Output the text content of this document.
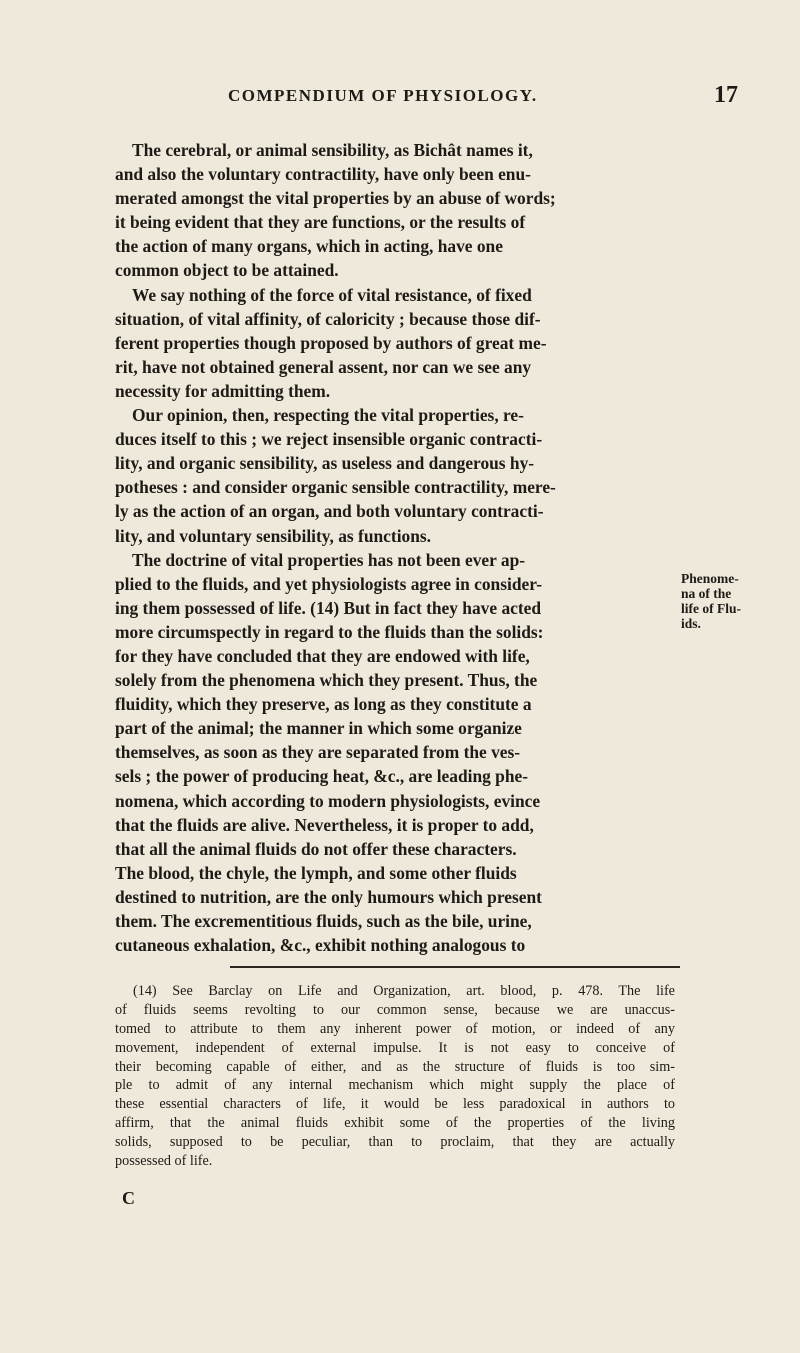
COMPENDIUM OF PHYSIOLOGY.	17
The cerebral, or animal sensibility, as Bichât names it,
and also the voluntary contractility, have only been enu-
merated amongst the vital properties by an abuse of words;
it being evident that they are functions, or the results of
the action of many organs, which in acting, have one
common object to be attained.
We say nothing of the force of vital resistance, of fixed
situation, of vital affinity, of caloricity ; because those dif-
ferent properties though proposed by authors of great me-
rit, have not obtained general assent, nor can we see any
necessity for admitting them.
Our opinion, then, respecting the vital properties, re-
duces itself to this ; we reject insensible organic contracti-
lity, and organic sensibility, as useless and dangerous hy-
potheses : and consider organic sensible contractility, mere-
ly as the action of an organ, and both voluntary contracti-
lity, and voluntary sensibility, as functions.
The doctrine of vital properties has not been ever ap-
plied to the fluids, and yet physiologists agree in consider-
ing them possessed of life. (14) But in fact they have acted
more circumspectly in regard to the fluids than the solids:
for they have concluded that they are endowed with life,
solely from the phenomena which they present. Thus, the
fluidity, which they preserve, as long as they constitute a
part of the animal; the manner in which some organize
themselves, as soon as they are separated from the ves-
sels ; the power of producing heat, &c., are leading phe-
nomena, which according to modern physiologists, evince
that the fluids are alive. Nevertheless, it is proper to add,
that all the animal fluids do not offer these characters.
The blood, the chyle, the lymph, and some other fluids
destined to nutrition, are the only humours which present
them. The excrementitious fluids, such as the bile, urine,
cutaneous exhalation, &c., exhibit nothing analogous to
Phenome-
na of the
life of Flu-
ids.
(14) See Barclay on Life and Organization, art. blood, p. 478. The life
of fluids seems revolting to our common sense, because we are unaccus-
tomed to attribute to them any inherent power of motion, or indeed of any
movement, independent of external impulse. It is not easy to conceive of
their becoming capable of either, and as the structure of fluids is too sim-
ple to admit of any internal mechanism which might supply the place of
these essential characters of life, it would be less paradoxical in authors to
affirm, that the animal fluids exhibit some of the properties of the living
solids, supposed to be peculiar, than to proclaim, that they are actually
possessed of life.
C
